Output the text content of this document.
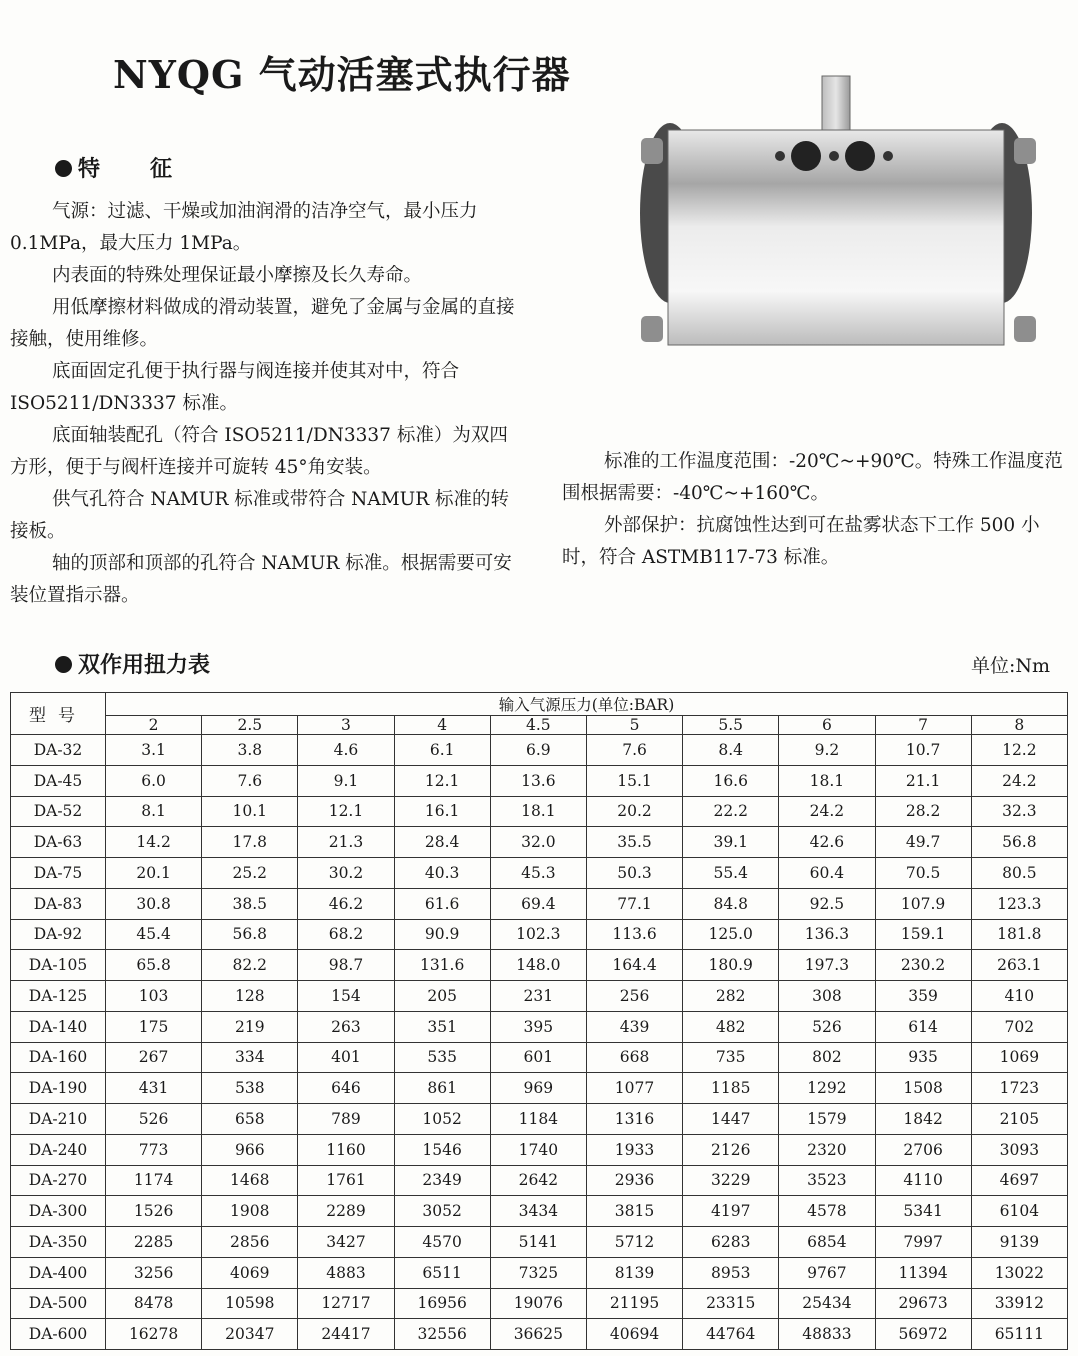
NYQG 气动活塞式执行器
特 征

气源：过滤、干燥或加油润滑的洁净空气，最小压力 0.1MPa，最大压力 1MPa。

内表面的特殊处理保证最小摩擦及长久寿命。

用低摩擦材料做成的滑动装置，避免了金属与金属的直接接触，使用维修。

底面固定孔便于执行器与阀连接并使其对中，符合 ISO5211/DN3337 标准。

底面轴装配孔（符合 ISO5211/DN3337 标准）为双四方形，便于与阀杆连接并可旋转 45°角安装。

供气孔符合 NAMUR 标准或带符合 NAMUR 标准的转接板。

轴的顶部和顶部的孔符合 NAMUR 标准。根据需要可安装位置指示器。

标准的工作温度范围：-20℃~+90℃。特殊工作温度范围根据需要：-40℃~+160℃。

外部保护：抗腐蚀性达到可在盐雾状态下工作 500 小时，符合 ASTMB117-73 标准。

双作用扭力表	单位:Nm
型号	输入气源压力(单位:BAR)									
	2	2.5	3	4	4.5	5	5.5	6	7	8
DA-32	3.1	3.8	4.6	6.1	6.9	7.6	8.4	9.2	10.7	12.2
DA-45	6.0	7.6	9.1	12.1	13.6	15.1	16.6	18.1	21.1	24.2
DA-52	8.1	10.1	12.1	16.1	18.1	20.2	22.2	24.2	28.2	32.3
DA-63	14.2	17.8	21.3	28.4	32.0	35.5	39.1	42.6	49.7	56.8
DA-75	20.1	25.2	30.2	40.3	45.3	50.3	55.4	60.4	70.5	80.5
DA-83	30.8	38.5	46.2	61.6	69.4	77.1	84.8	92.5	107.9	123.3
DA-92	45.4	56.8	68.2	90.9	102.3	113.6	125.0	136.3	159.1	181.8
DA-105	65.8	82.2	98.7	131.6	148.0	164.4	180.9	197.3	230.2	263.1
DA-125	103	128	154	205	231	256	282	308	359	410
DA-140	175	219	263	351	395	439	482	526	614	702
DA-160	267	334	401	535	601	668	735	802	935	1069
DA-190	431	538	646	861	969	1077	1185	1292	1508	1723
DA-210	526	658	789	1052	1184	1316	1447	1579	1842	2105
DA-240	773	966	1160	1546	1740	1933	2126	2320	2706	3093
DA-270	1174	1468	1761	2349	2642	2936	3229	3523	4110	4697
DA-300	1526	1908	2289	3052	3434	3815	4197	4578	5341	6104
DA-350	2285	2856	3427	4570	5141	5712	6283	6854	7997	9139
DA-400	3256	4069	4883	6511	7325	8139	8953	9767	11394	13022
DA-500	8478	10598	12717	16956	19076	21195	23315	25434	29673	33912
DA-600	16278	20347	24417	32556	36625	40694	44764	48833	56972	65111
